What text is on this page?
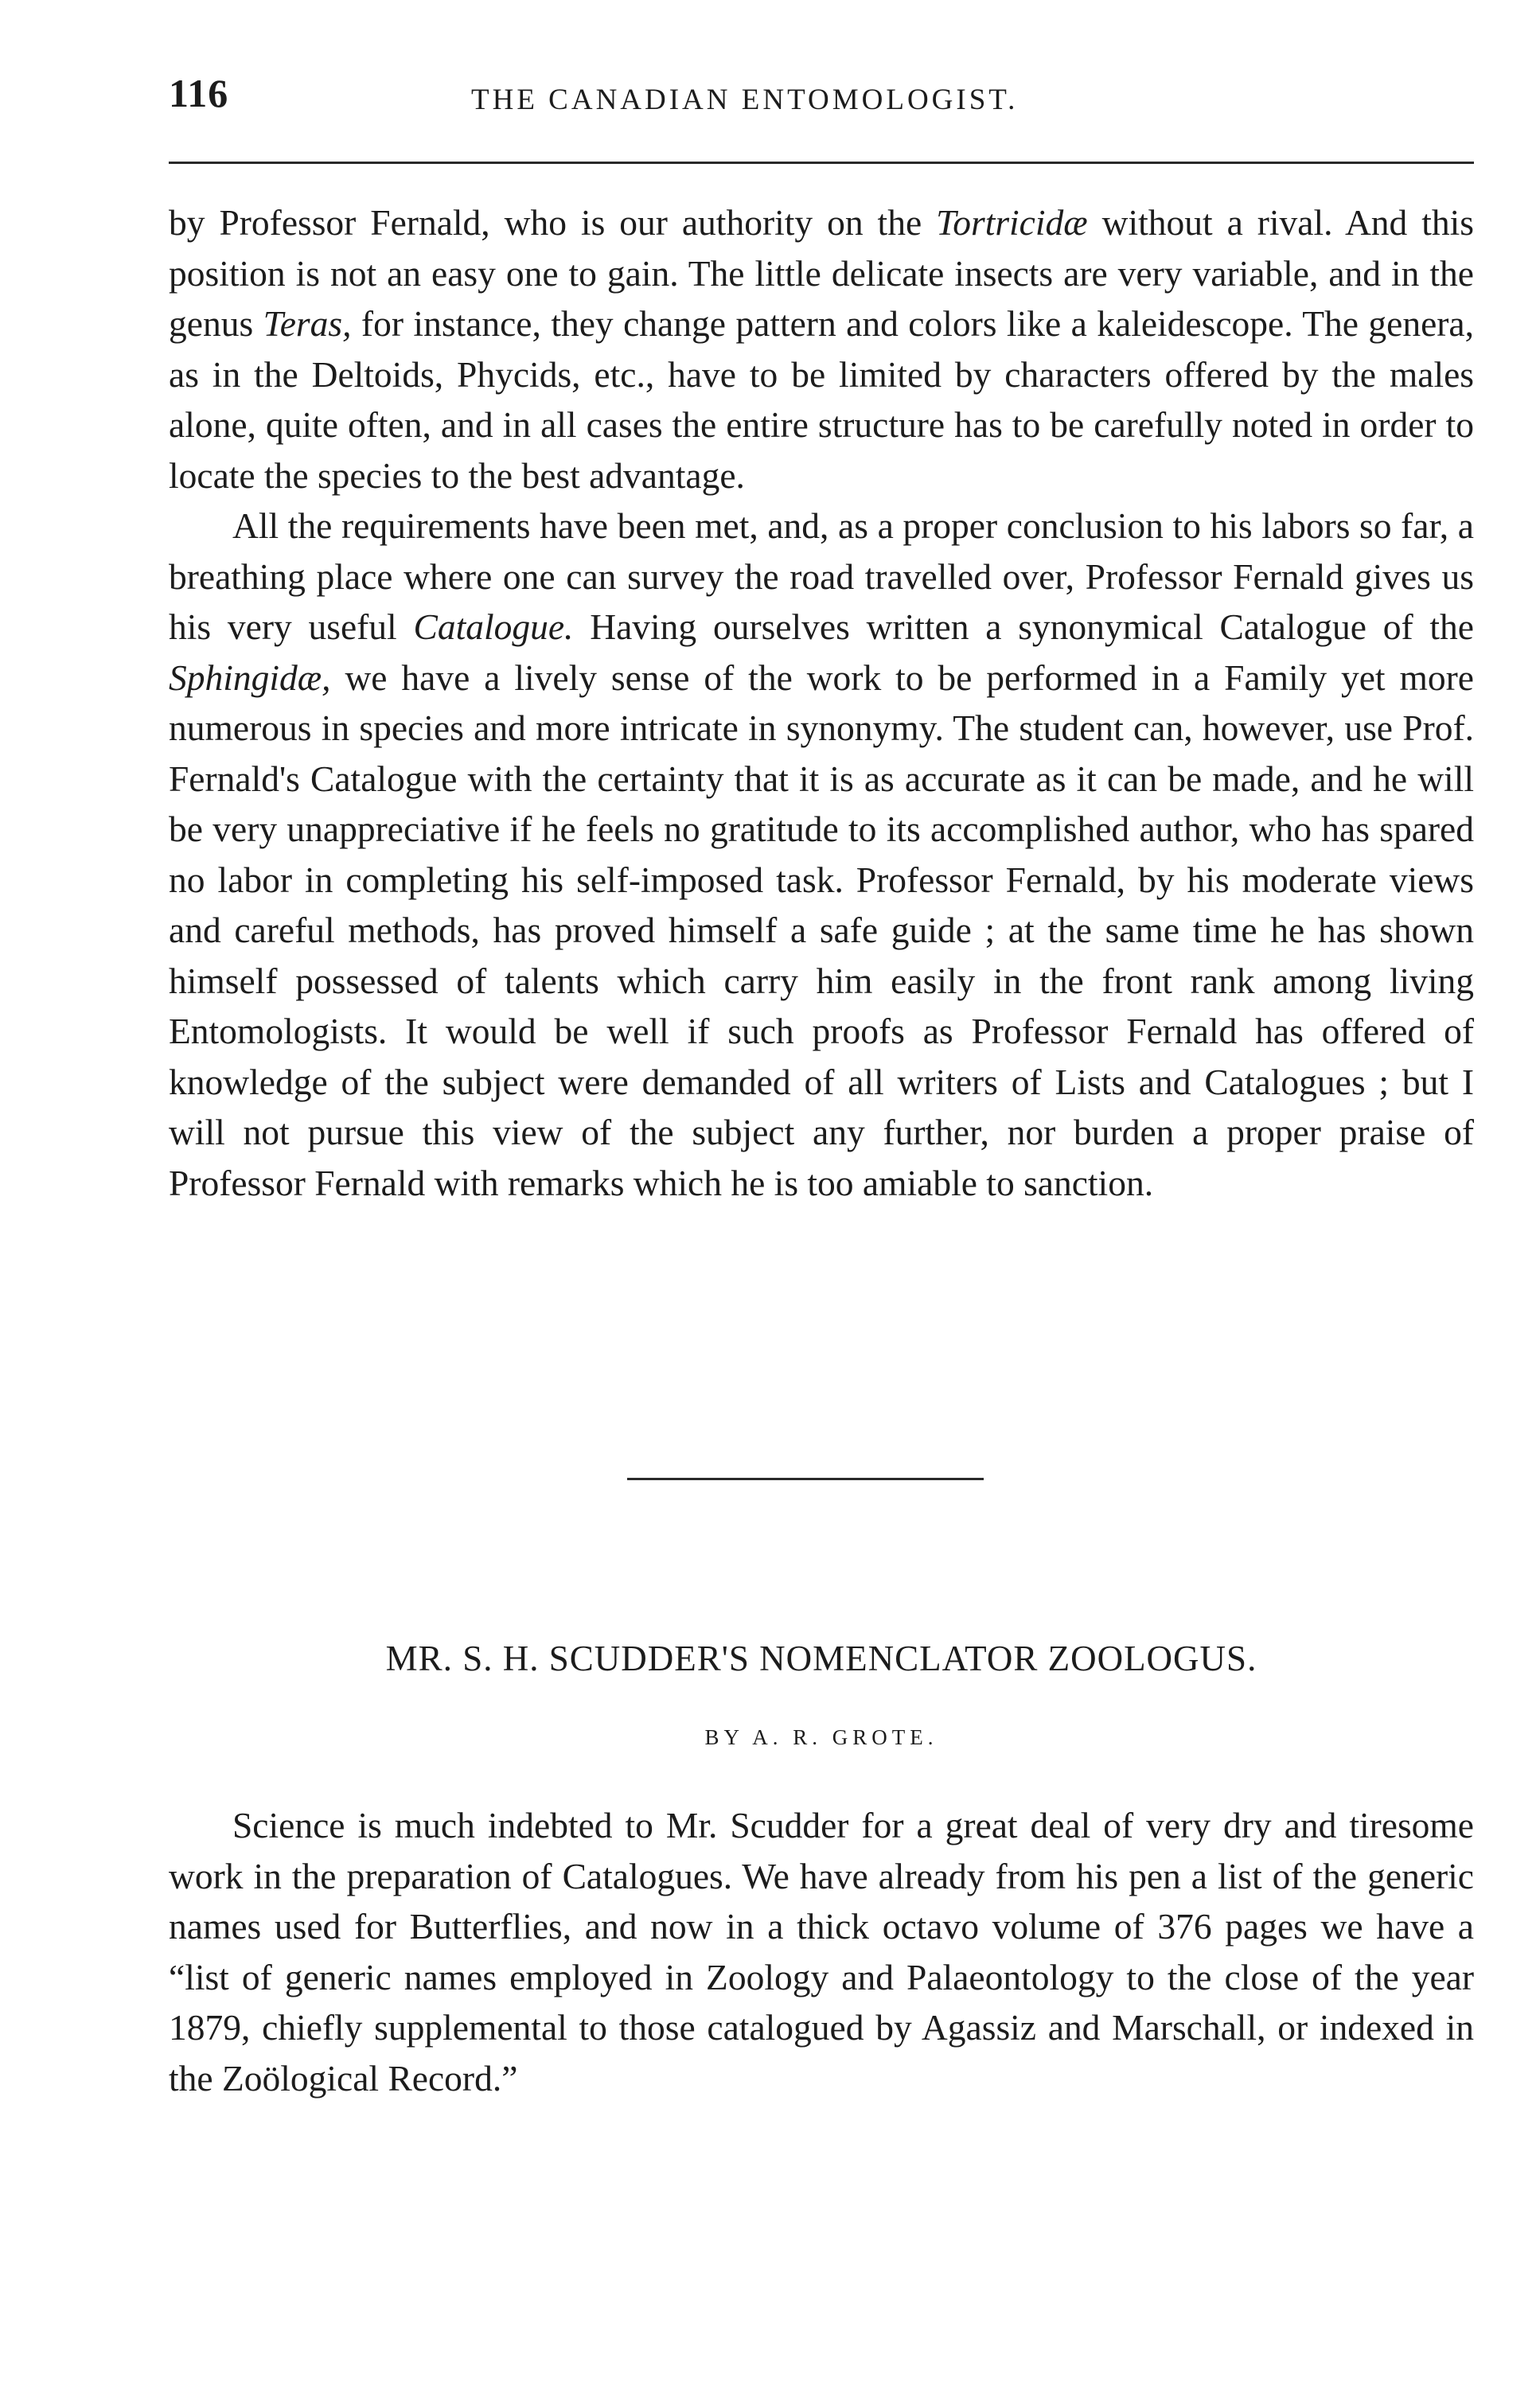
116	THE CANADIAN ENTOMOLOGIST.

by Professor Fernald, who is our authority on the Tortricidæ without a rival. And this position is not an easy one to gain. The little delicate insects are very variable, and in the genus Teras, for instance, they change pattern and colors like a kaleidescope. The genera, as in the Deltoids, Phycids, etc., have to be limited by characters offered by the males alone, quite often, and in all cases the entire structure has to be carefully noted in order to locate the species to the best advantage.

All the requirements have been met, and, as a proper conclusion to his labors so far, a breathing place where one can survey the road travelled over, Professor Fernald gives us his very useful Catalogue. Having ourselves written a synonymical Catalogue of the Sphingidæ, we have a lively sense of the work to be performed in a Family yet more numerous in species and more intricate in synonymy. The student can, however, use Prof. Fernald's Catalogue with the certainty that it is as accurate as it can be made, and he will be very unappreciative if he feels no gratitude to its accomplished author, who has spared no labor in completing his self-imposed task. Professor Fernald, by his moderate views and careful methods, has proved himself a safe guide ; at the same time he has shown himself possessed of talents which carry him easily in the front rank among living Entomologists. It would be well if such proofs as Professor Fernald has offered of knowledge of the subject were demanded of all writers of Lists and Catalogues ; but I will not pursue this view of the subject any further, nor burden a proper praise of Professor Fernald with remarks which he is too amiable to sanction.

MR. S. H. SCUDDER'S NOMENCLATOR ZOOLOGUS.
BY A. R. GROTE.

Science is much indebted to Mr. Scudder for a great deal of very dry and tiresome work in the preparation of Catalogues. We have already from his pen a list of the generic names used for Butterflies, and now in a thick octavo volume of 376 pages we have a “list of generic names employed in Zoology and Palaeontology to the close of the year 1879, chiefly supplemental to those catalogued by Agassiz and Marschall, or indexed in the Zoölogical Record.”
